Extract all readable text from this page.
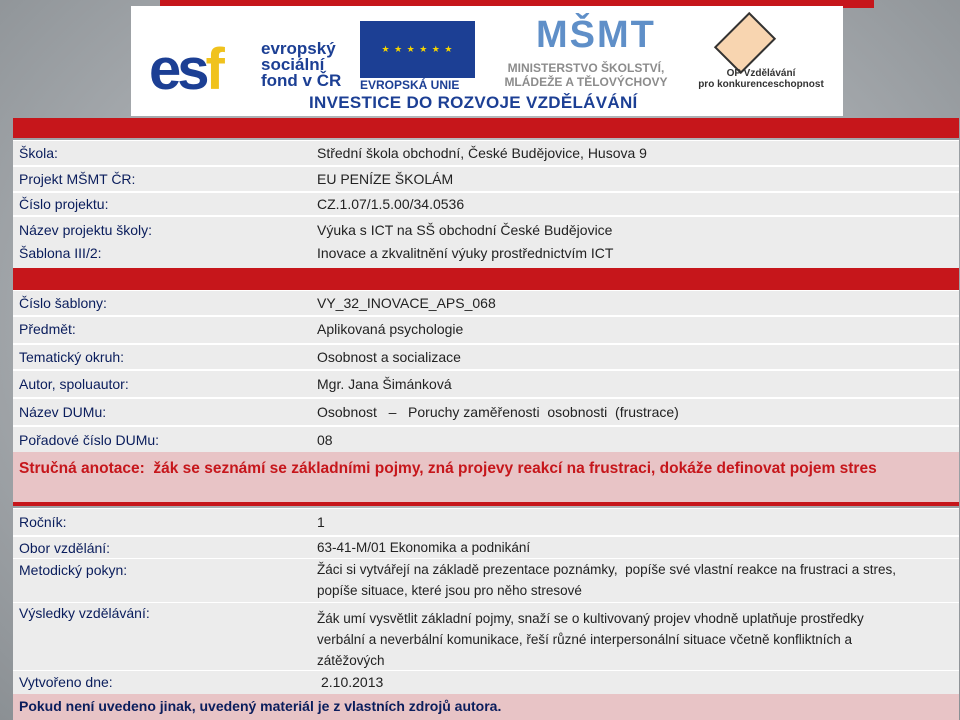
esf evropský
sociální
fond v ČR
★ ★ ★ ★ ★ ★
EVROPSKÁ UNIE
MŠMT
MINISTERSTVO ŠKOLSTVÍ,
MLÁDEŽE A TĚLOVÝCHOVY
OP Vzdělávání
pro konkurenceschopnost
INVESTICE DO ROZVOJE VZDĚLÁVÁNÍ
Škola:	Střední škola obchodní, České Budějovice, Husova 9
Projekt MŠMT ČR:	EU PENÍZE ŠKOLÁM
Číslo projektu:	CZ.1.07/1.5.00/34.0536
Název projektu školy:	Výuka s ICT na SŠ obchodní České Budějovice
Šablona III/2:	Inovace a zkvalitnění výuky prostřednictvím ICT
Číslo šablony:	VY_32_INOVACE_APS_068
Předmět:	Aplikovaná psychologie
Tematický okruh:	Osobnost a socializace
Autor, spoluautor:	Mgr. Jana Šimánková
Název DUMu:	Osobnost   –   Poruchy zaměřenosti  osobnosti  (frustrace)
Pořadové číslo DUMu:	08
Stručná anotace:  žák se seznámí se základními pojmy, zná projevy reakcí na frustraci, dokáže definovat pojem stres
Ročník:	1
Obor vzdělání:	63-41-M/01 Ekonomika a podnikání
Metodický pokyn:	Žáci si vytvářejí na základě prezentace poznámky,  popíše své vlastní reakce na frustraci a stres,
popíše situace, které jsou pro něho stresové
Výsledky vzdělávání:	Žák umí vysvětlit základní pojmy, snaží se o kultivovaný projev vhodně uplatňuje prostředky
verbální a neverbální komunikace, řeší různé interpersonální situace včetně konfliktních a
zátěžových
Vytvořeno dne:	2.10.2013
Pokud není uvedeno jinak, uvedený materiál je z vlastních zdrojů autora.
